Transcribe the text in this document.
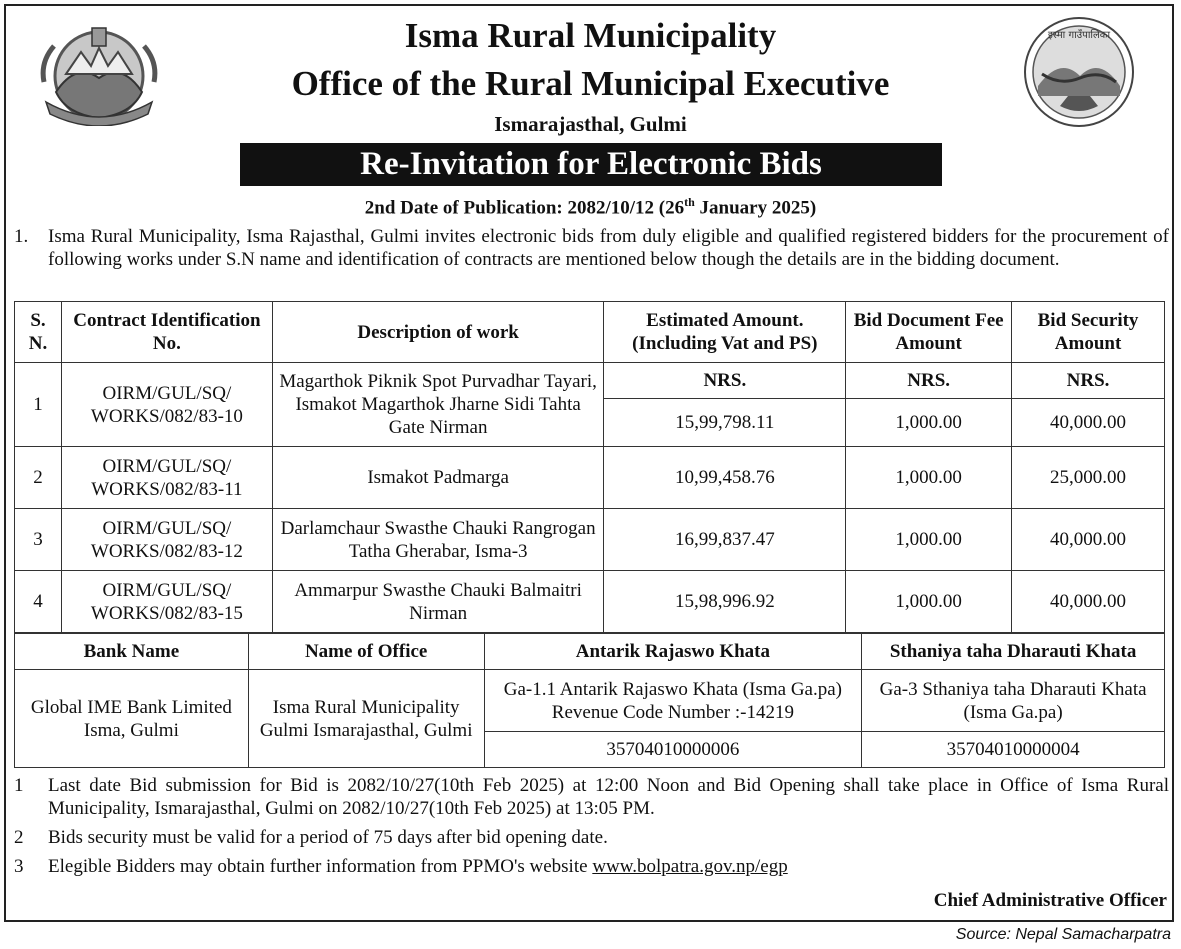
इस्मा गाउँपालिका
Isma Rural Municipality
Office of the Rural Municipal Executive
Ismarajasthal, Gulmi
Re-Invitation for Electronic Bids
2nd Date of Publication: 2082/10/12 (26th January 2025)
1. Isma Rural Municipality, Isma Rajasthal, Gulmi invites electronic bids from duly eligible and qualified registered bidders for the procurement of following works under S.N name and identification of contracts are mentioned below though the details are in the bidding document.
S. N.	Contract Identification No.	Description of work	Estimated Amount. (Including Vat and PS)	Bid Document Fee Amount	Bid Security Amount
1	OIRM/GUL/SQ/ WORKS/082/83-10	Magarthok Piknik Spot Purvadhar Tayari, Ismakot Magarthok Jharne Sidi Tahta Gate Nirman	NRS.	NRS.	NRS.
			15,99,798.11	1,000.00	40,000.00
2	OIRM/GUL/SQ/ WORKS/082/83-11	Ismakot Padmarga	10,99,458.76	1,000.00	25,000.00
3	OIRM/GUL/SQ/ WORKS/082/83-12	Darlamchaur Swasthe Chauki Rangrogan Tatha Gherabar, Isma-3	16,99,837.47	1,000.00	40,000.00
4	OIRM/GUL/SQ/ WORKS/082/83-15	Ammarpur Swasthe Chauki Balmaitri Nirman	15,98,996.92	1,000.00	40,000.00
Bank Name	Name of Office	Antarik Rajaswo Khata	Sthaniya taha Dharauti Khata
Global IME Bank Limited Isma, Gulmi	Isma Rural Municipality Gulmi Ismarajasthal, Gulmi	Ga-1.1 Antarik Rajaswo Khata (Isma Ga.pa) Revenue Code Number :-14219	Ga-3 Sthaniya taha Dharauti Khata (Isma Ga.pa)
		35704010000006	35704010000004
1 Last date Bid submission for Bid is 2082/10/27(10th Feb 2025) at 12:00 Noon and Bid Opening shall take place in Office of Isma Rural Municipality, Ismarajasthal, Gulmi on 2082/10/27(10th Feb 2025) at 13:05 PM.
2 Bids security must be valid for a period of 75 days after bid opening date.
3 Elegible Bidders may obtain further information from PPMO's website www.bolpatra.gov.np/egp
Chief Administrative Officer
Source: Nepal Samacharpatra
